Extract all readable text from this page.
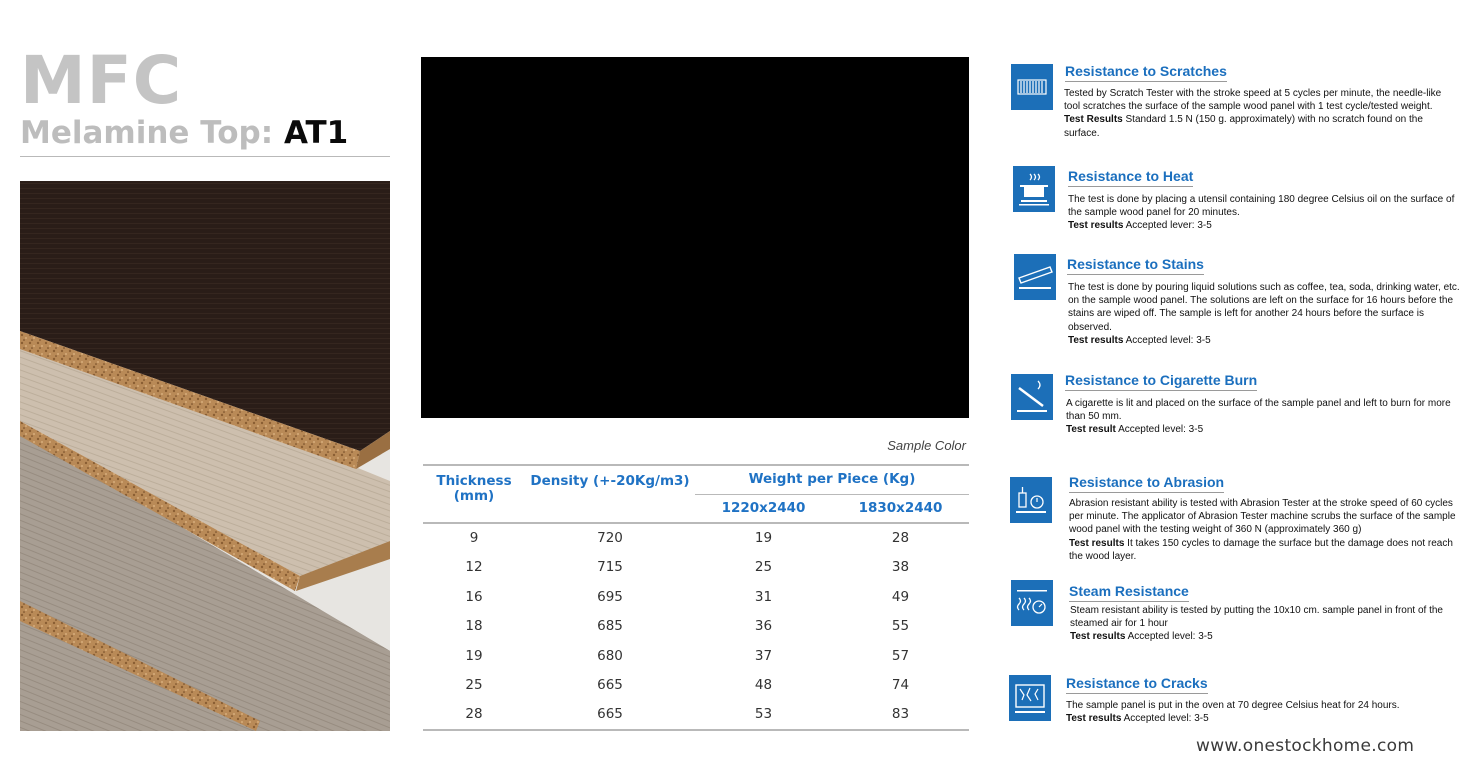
MFC
Melamine Top: AT1
Sample Color
Thickness (mm)	Density (+-20Kg/m3)	Weight per Piece (Kg)	
		1220x2440	1830x2440
9	720	19	28
12	715	25	38
16	695	31	49
18	685	36	55
19	680	37	57
25	665	48	74
28	665	53	83
Resistance to Scratches
Tested by Scratch Tester with the stroke speed at 5 cycles per minute, the needle-like tool scratches the surface of the sample wood panel with 1 test cycle/tested weight.
Test Results Standard 1.5 N (150 g. approximately) with no scratch found on the surface.
Resistance to Heat
The test is done by placing a utensil containing 180 degree Celsius oil on the surface of the sample wood panel for 20 minutes.
Test results Accepted lever: 3-5
Resistance to Stains
The test is done by pouring liquid solutions such as coffee, tea, soda, drinking water, etc. on the sample wood panel. The solutions are left on the surface for 16 hours before the stains are wiped off. The sample is left for another 24 hours before the surface is observed.
Test results Accepted level: 3-5
Resistance to Cigarette Burn
A cigarette is lit and placed on the surface of the sample panel and left to burn for more than 50 mm.
Test result Accepted level: 3-5
Resistance to Abrasion
Abrasion resistant ability is tested with Abrasion Tester at the stroke speed of 60 cycles per minute. The applicator of Abrasion Tester machine scrubs the surface of the sample wood panel with the testing weight of 360 N (approximately 360 g)
Test results It takes 150 cycles to damage the surface but the damage does not reach the wood layer.
Steam Resistance
Steam resistant ability is tested by putting the 10x10 cm. sample panel in front of the steamed air for 1 hour
Test results Accepted level: 3-5
Resistance to Cracks
The sample panel is put in the oven at 70 degree Celsius heat for 24 hours.
Test results Accepted level: 3-5
www.onestockhome.com
